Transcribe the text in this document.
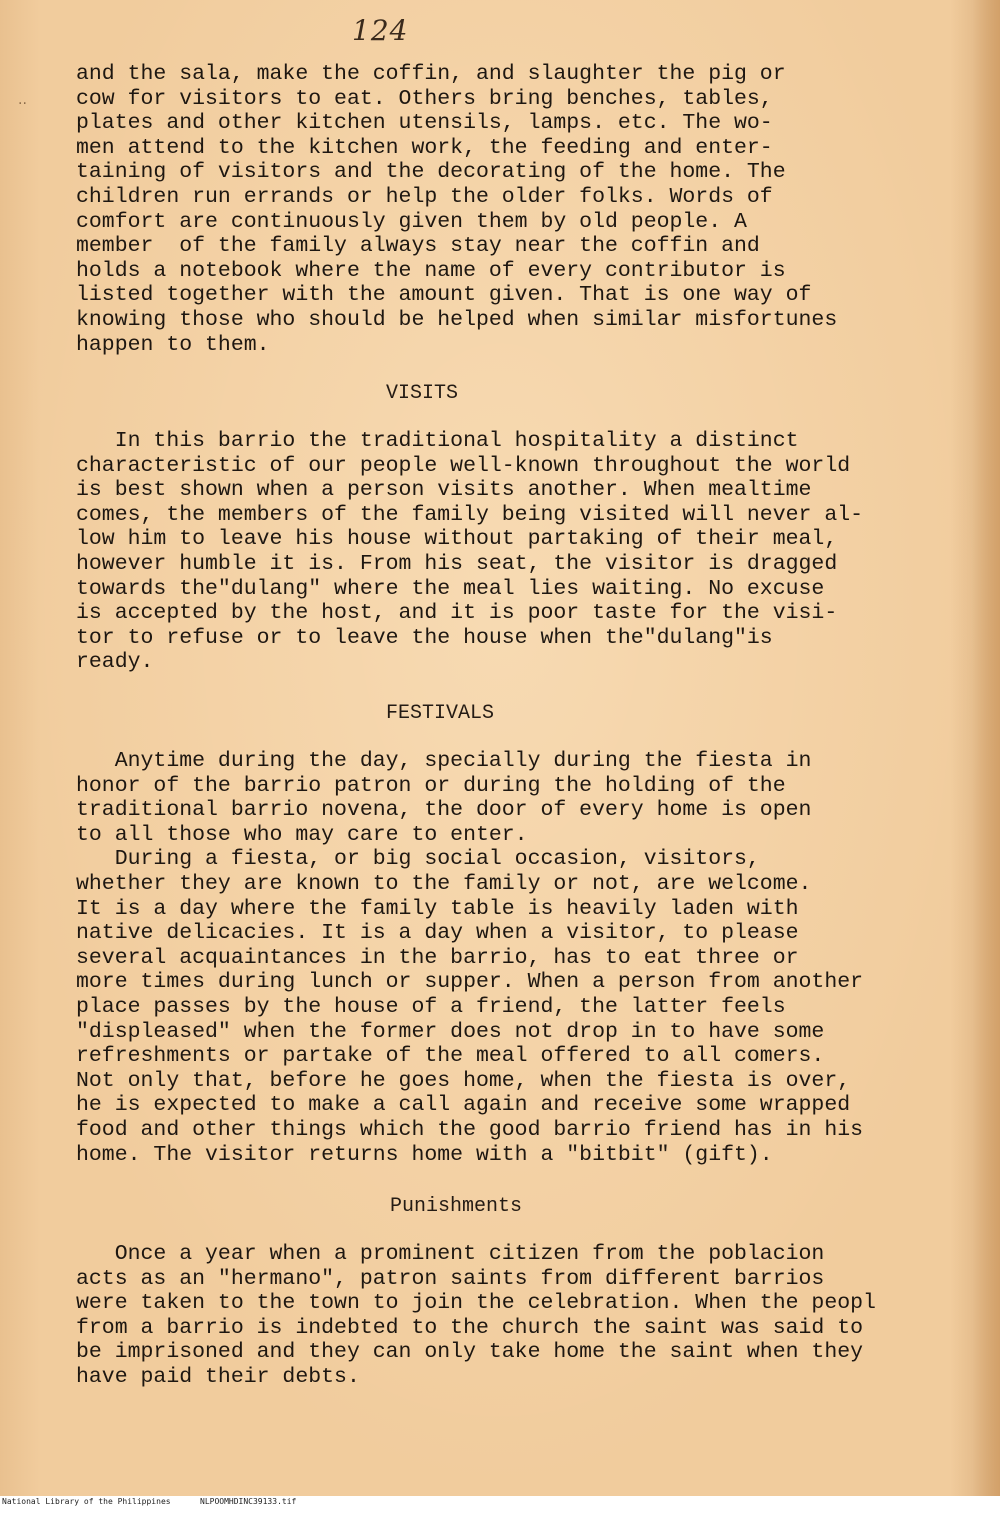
124
..
and the sala, make the coffin, and slaughter the pig or
cow for visitors to eat. Others bring benches, tables,
plates and other kitchen utensils, lamps. etc. The wo-
men attend to the kitchen work, the feeding and enter-
taining of visitors and the decorating of the home. The
children run errands or help the older folks. Words of
comfort are continuously given them by old people. A
member  of the family always stay near the coffin and
holds a notebook where the name of every contributor is
listed together with the amount given. That is one way of
knowing those who should be helped when similar misfortunes
happen to them.
VISITS
In this barrio the traditional hospitality a distinct
characteristic of our people well-known throughout the world
is best shown when a person visits another. When mealtime
comes, the members of the family being visited will never al-
low him to leave his house without partaking of their meal,
however humble it is. From his seat, the visitor is dragged
towards the"dulang" where the meal lies waiting. No excuse
is accepted by the host, and it is poor taste for the visi-
tor to refuse or to leave the house when the"dulang"is
ready.
FESTIVALS
Anytime during the day, specially during the fiesta in
honor of the barrio patron or during the holding of the
traditional barrio novena, the door of every home is open
to all those who may care to enter.
During a fiesta, or big social occasion, visitors,
whether they are known to the family or not, are welcome.
It is a day where the family table is heavily laden with
native delicacies. It is a day when a visitor, to please
several acquaintances in the barrio, has to eat three or
more times during lunch or supper. When a person from another
place passes by the house of a friend, the latter feels
"displeased" when the former does not drop in to have some
refreshments or partake of the meal offered to all comers.
Not only that, before he goes home, when the fiesta is over,
he is expected to make a call again and receive some wrapped
food and other things which the good barrio friend has in his
home. The visitor returns home with a "bitbit" (gift).
Punishments
Once a year when a prominent citizen from the poblacion
acts as an "hermano", patron saints from different barrios
were taken to the town to join the celebration. When the peopl
from a barrio is indebted to the church the saint was said to
be imprisoned and they can only take home the saint when they
have paid their debts.

National Library of the Philippines

	NLPOOMHDINC39133.tif
